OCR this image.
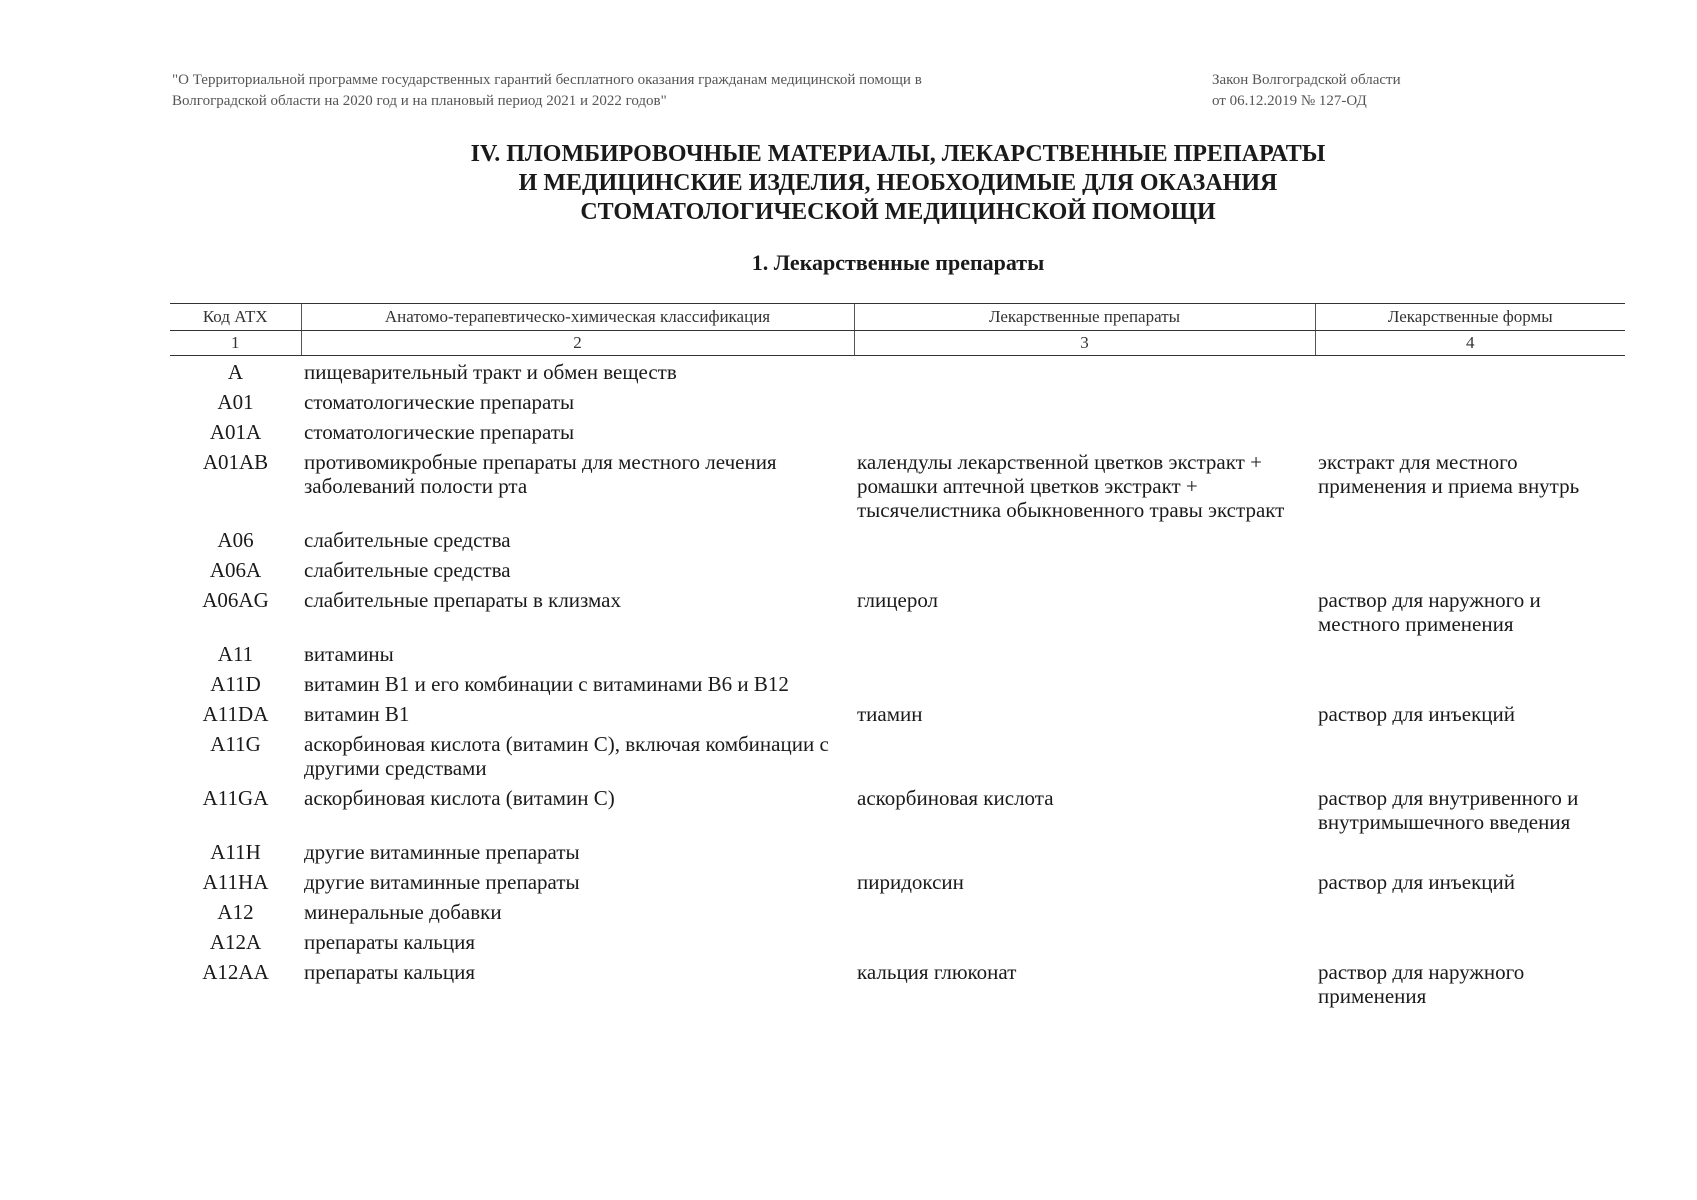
"О Территориальной программе государственных гарантий бесплатного оказания гражданам медицинской помощи в
Волгоградской области на 2020 год и на плановый период 2021 и 2022 годов"
Закон Волгоградской области
от 06.12.2019 № 127-ОД
IV. ПЛОМБИРОВОЧНЫЕ МАТЕРИАЛЫ, ЛЕКАРСТВЕННЫЕ ПРЕПАРАТЫ
И МЕДИЦИНСКИЕ ИЗДЕЛИЯ, НЕОБХОДИМЫЕ ДЛЯ ОКАЗАНИЯ
СТОМАТОЛОГИЧЕСКОЙ МЕДИЦИНСКОЙ ПОМОЩИ
1. Лекарственные препараты
Код АТХ	Анатомо-терапевтическо-химическая классификация	Лекарственные препараты	Лекарственные формы
1	2	3	4
A	пищеварительный тракт и обмен веществ		
A01	стоматологические препараты		
A01A	стоматологические препараты		
A01AB	противомикробные препараты для местного лечения заболеваний полости рта	календулы лекарственной цветков экстракт + ромашки аптечной цветков экстракт + тысячелистника обыкновенного травы экстракт	экстракт для местного применения и приема внутрь
A06	слабительные средства		
A06A	слабительные средства		
A06AG	слабительные препараты в клизмах	глицерол	раствор для наружного и местного применения
A11	витамины		
A11D	витамин B1 и его комбинации с витаминами B6 и B12		
A11DA	витамин B1	тиамин	раствор для инъекций
A11G	аскорбиновая кислота (витамин C), включая комбинации с другими средствами		
A11GA	аскорбиновая кислота (витамин C)	аскорбиновая кислота	раствор для внутривенного и внутримышечного введения
A11H	другие витаминные препараты		
A11HA	другие витаминные препараты	пиридоксин	раствор для инъекций
A12	минеральные добавки		
A12A	препараты кальция		
A12AA	препараты кальция	кальция глюконат	раствор для наружного применения
